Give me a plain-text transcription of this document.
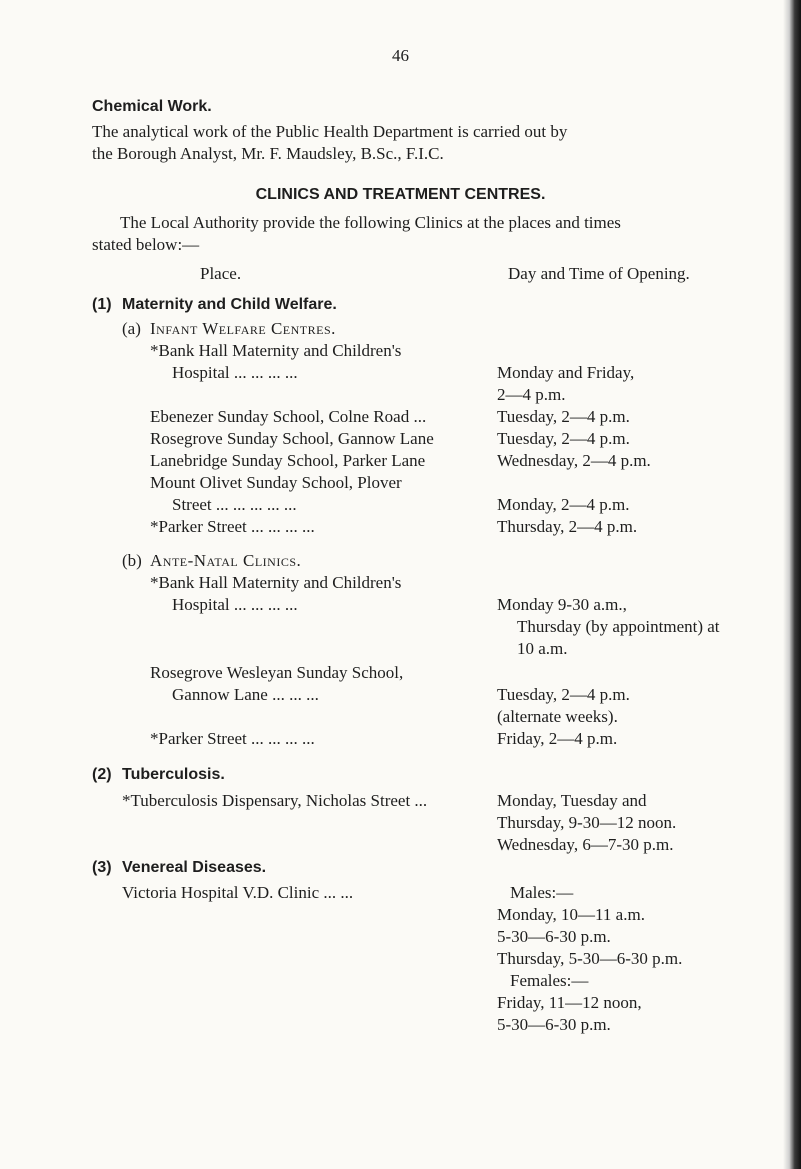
46
Chemical Work.
The analytical work of the Public Health Department is carried out by
the Borough Analyst, Mr. F. Maudsley, B.Sc., F.I.C.
CLINICS AND TREATMENT CENTRES.
The Local Authority provide the following Clinics at the places and times
stated below:—
Place.	Day and Time of Opening.
(1) Maternity and Child Welfare.
(a) Infant Welfare Centres.
*Bank Hall Maternity and Children's
Hospital ... ... ... ...	Monday and Friday,
2—4 p.m.
Ebenezer Sunday School, Colne Road ...	Tuesday, 2—4 p.m.
Rosegrove Sunday School, Gannow Lane	Tuesday, 2—4 p.m.
Lanebridge Sunday School, Parker Lane	Wednesday, 2—4 p.m.
Mount Olivet Sunday School, Plover
Street ... ... ... ... ...	Monday, 2—4 p.m.
*Parker Street ... ... ... ...	Thursday, 2—4 p.m.
(b) Ante-Natal Clinics.
*Bank Hall Maternity and Children's
Hospital ... ... ... ...	Monday 9-30 a.m.,
Thursday (by appointment) at
10 a.m.
Rosegrove Wesleyan Sunday School,
Gannow Lane ... ... ...	Tuesday, 2—4 p.m.
(alternate weeks).
*Parker Street ... ... ... ...	Friday, 2—4 p.m.
(2) Tuberculosis.
*Tuberculosis Dispensary, Nicholas Street ...	Monday, Tuesday and
Thursday, 9-30—12 noon.
Wednesday, 6—7-30 p.m.
(3) Venereal Diseases.
Victoria Hospital V.D. Clinic ... ...	Males:—
Monday, 10—11 a.m.
5-30—6-30 p.m.
Thursday, 5-30—6-30 p.m.
Females:—
Friday, 11—12 noon,
5-30—6-30 p.m.
